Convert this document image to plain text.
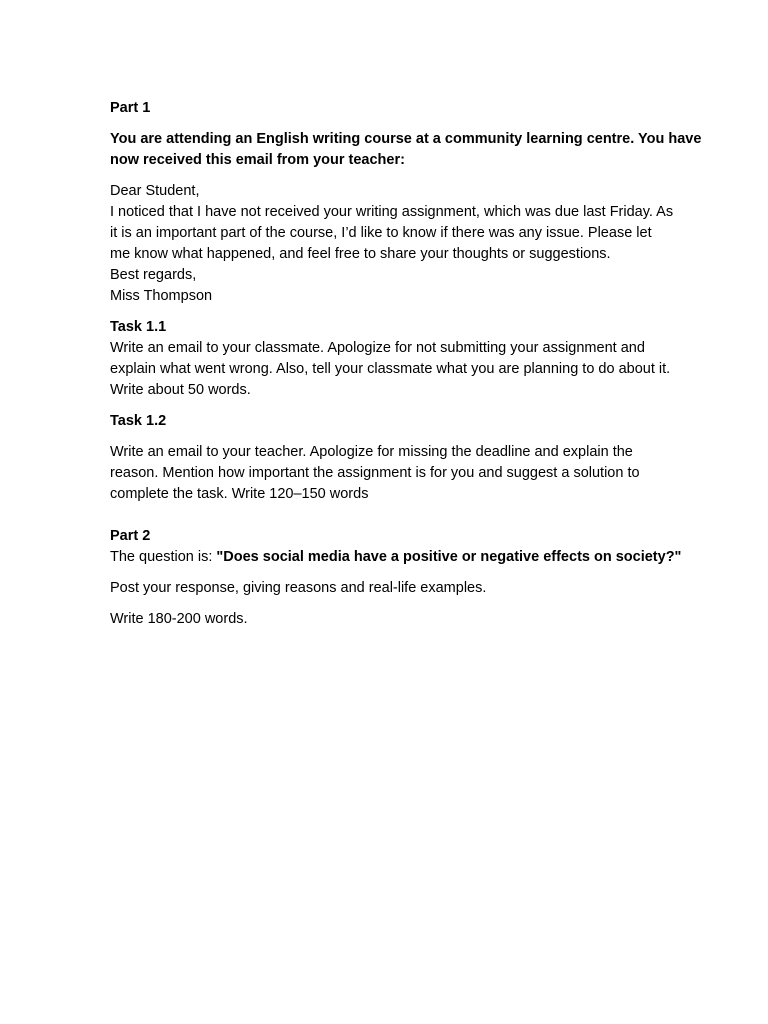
Part 1
You are attending an English writing course at a community learning centre. You have
now received this email from your teacher:
Dear Student,
I noticed that I have not received your writing assignment, which was due last Friday. As
it is an important part of the course, I’d like to know if there was any issue. Please let
me know what happened, and feel free to share your thoughts or suggestions.
Best regards,
Miss Thompson
Task 1.1
Write an email to your classmate. Apologize for not submitting your assignment and
explain what went wrong. Also, tell your classmate what you are planning to do about it.
Write about 50 words.
Task 1.2
Write an email to your teacher. Apologize for missing the deadline and explain the
reason. Mention how important the assignment is for you and suggest a solution to
complete the task. Write 120–150 words
Part 2
The question is: "Does social media have a positive or negative effects on society?"
Post your response, giving reasons and real-life examples.
Write 180-200 words.
